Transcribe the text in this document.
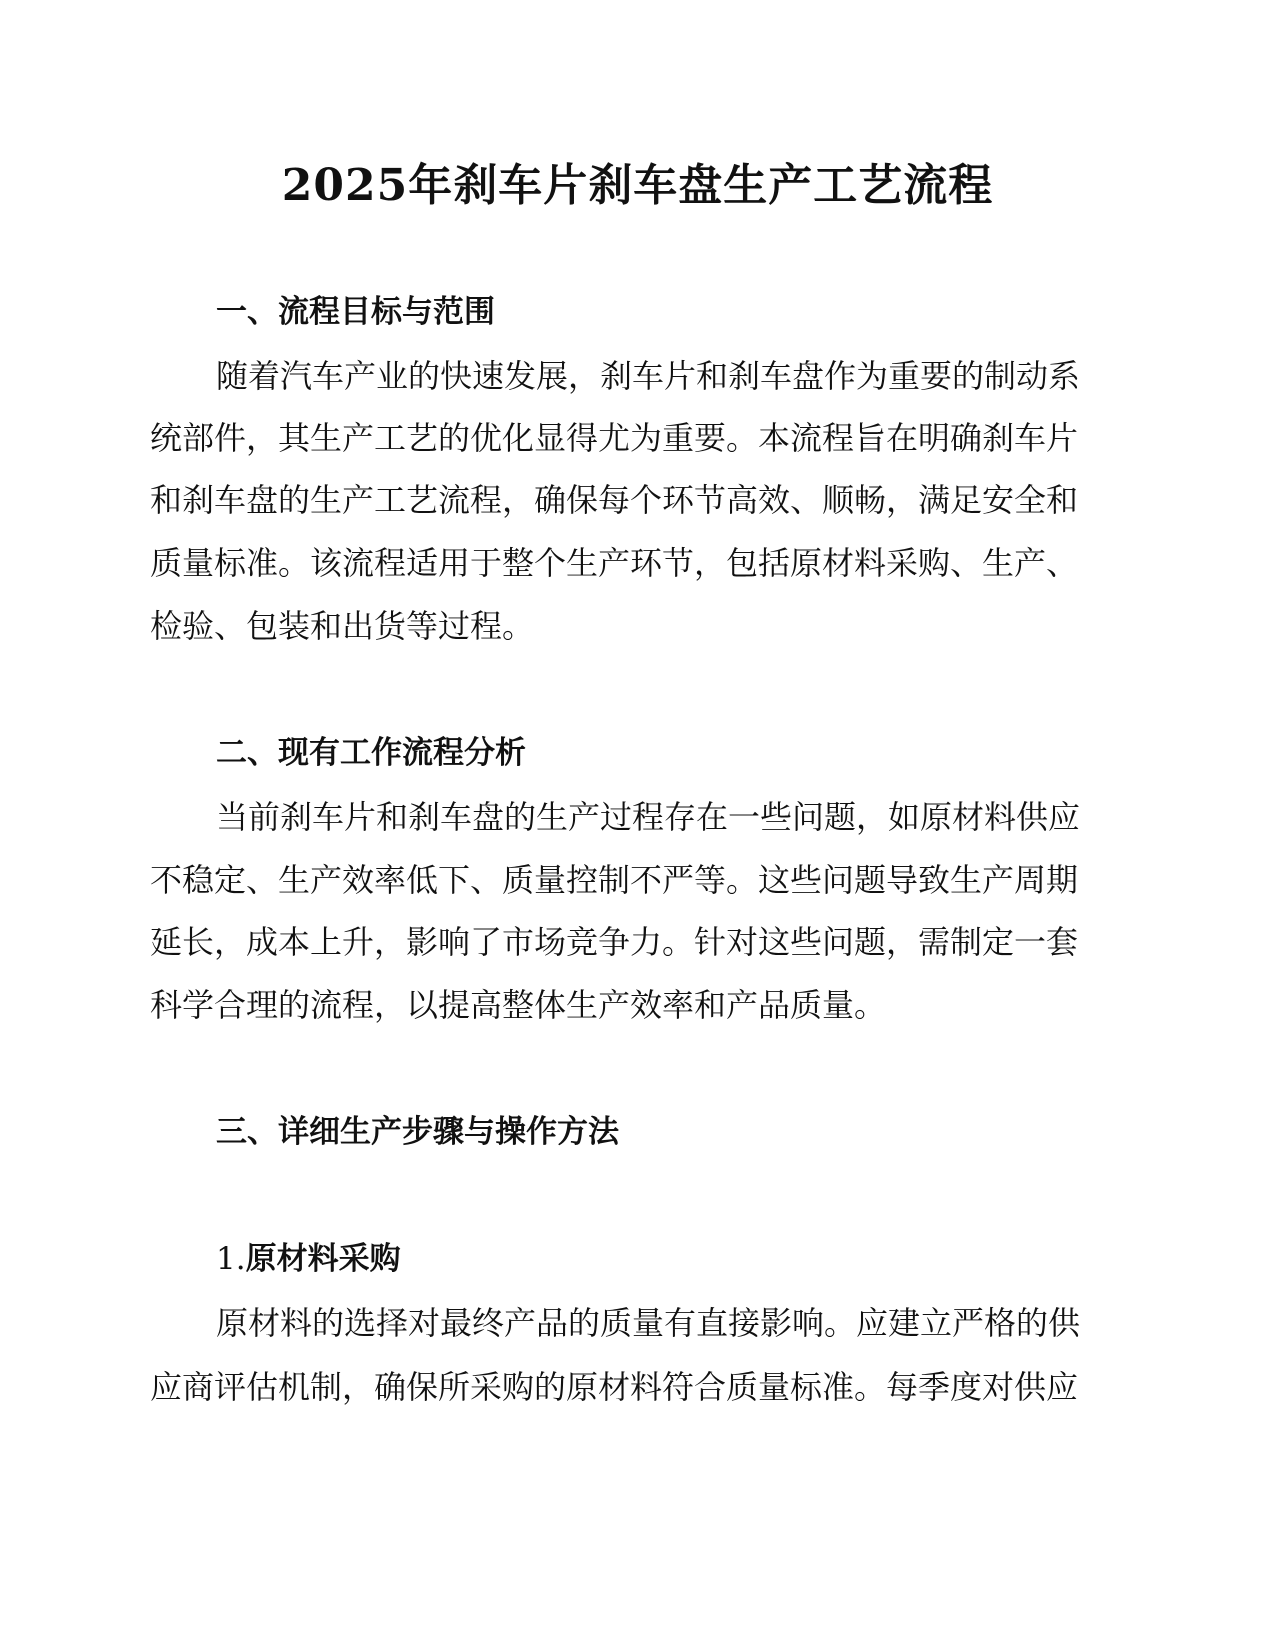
2025年刹车片刹车盘生产工艺流程
一、流程目标与范围

随着汽车产业的快速发展，刹车片和刹车盘作为重要的制动系

统部件，其生产工艺的优化显得尤为重要。本流程旨在明确刹车片

和刹车盘的生产工艺流程，确保每个环节高效、顺畅，满足安全和

质量标准。该流程适用于整个生产环节，包括原材料采购、生产、

检验、包装和出货等过程。

二、现有工作流程分析

当前刹车片和刹车盘的生产过程存在一些问题，如原材料供应

不稳定、生产效率低下、质量控制不严等。这些问题导致生产周期

延长，成本上升，影响了市场竞争力。针对这些问题，需制定一套

科学合理的流程，以提高整体生产效率和产品质量。

三、详细生产步骤与操作方法
1.原材料采购

原材料的选择对最终产品的质量有直接影响。应建立严格的供

应商评估机制，确保所采购的原材料符合质量标准。每季度对供应
